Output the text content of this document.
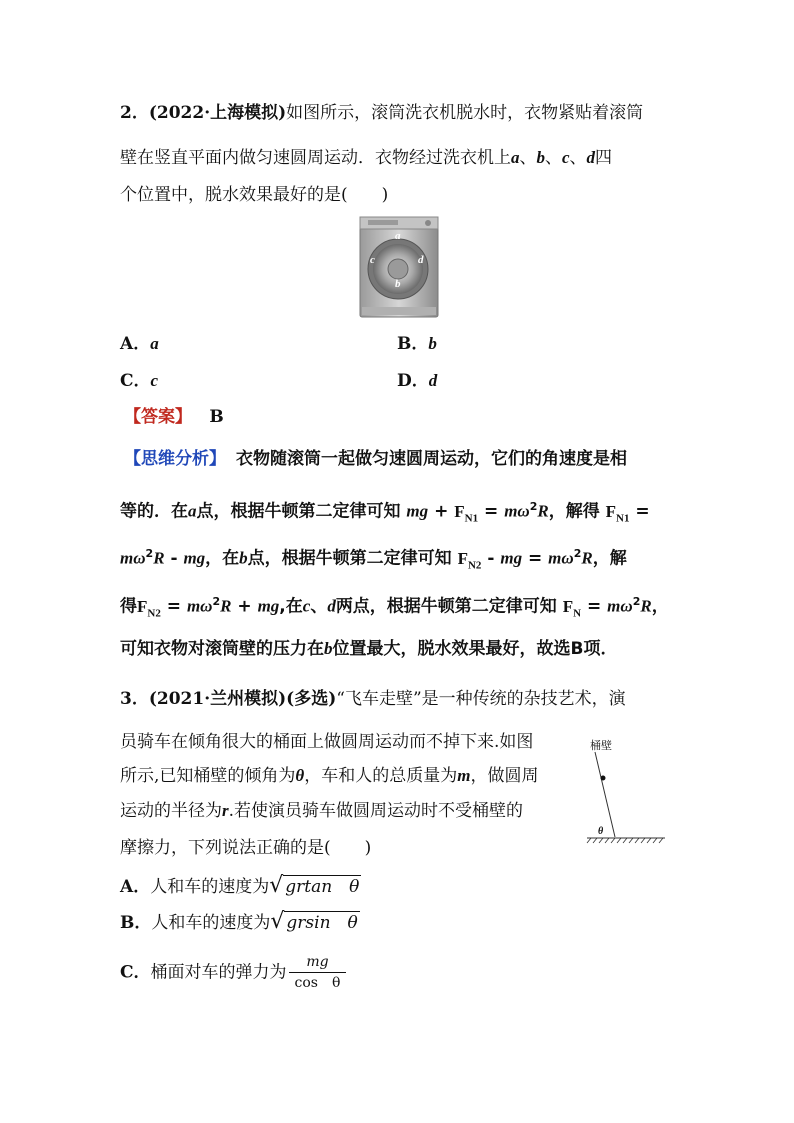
2．(2022·上海模拟)如图所示，滚筒洗衣机脱水时，衣物紧贴着滚筒
壁在竖直平面内做匀速圆周运动．衣物经过洗衣机上a、b、c、d四
个位置中，脱水效果最好的是(　　)
a
b
c	d
A．a	B．b
C．c	D．d
【答案】 B
【思维分析】 衣物随滚筒一起做匀速圆周运动，它们的角速度是相
等的．在a点，根据牛顿第二定律可知 mg + $F_{N1} = m\omega^2R$，解得 $F_{N1}$ =
$m\omega^2R$ - mg，在b点，根据牛顿第二定律可知 $F_{N2}$ - mg = $m\omega^2R$，解
得$F_{N2} = m\omega^2R$ + mg,在c、d两点，根据牛顿第二定律可知 $F_N = m\omega^2R$，
可知衣物对滚筒壁的压力在b位置最大，脱水效果最好，故选B项．
3．(2021·兰州模拟)(多选)“飞车走壁”是一种传统的杂技艺术，演
员骑车在倾角很大的桶面上做圆周运动而不掉下来.如图
所示,已知桶壁的倾角为θ，车和人的总质量为m，做圆周
运动的半径为r.若使演员骑车做圆周运动时不受桶壁的
摩擦力，下列说法正确的是(　　)
桶壁
θ
A．人和车的速度为√ grtan　θ
B．人和车的速度为√ grsin　θ
C．桶面对车的弹力为 $\frac{mg}{\text{cos　θ}}$
